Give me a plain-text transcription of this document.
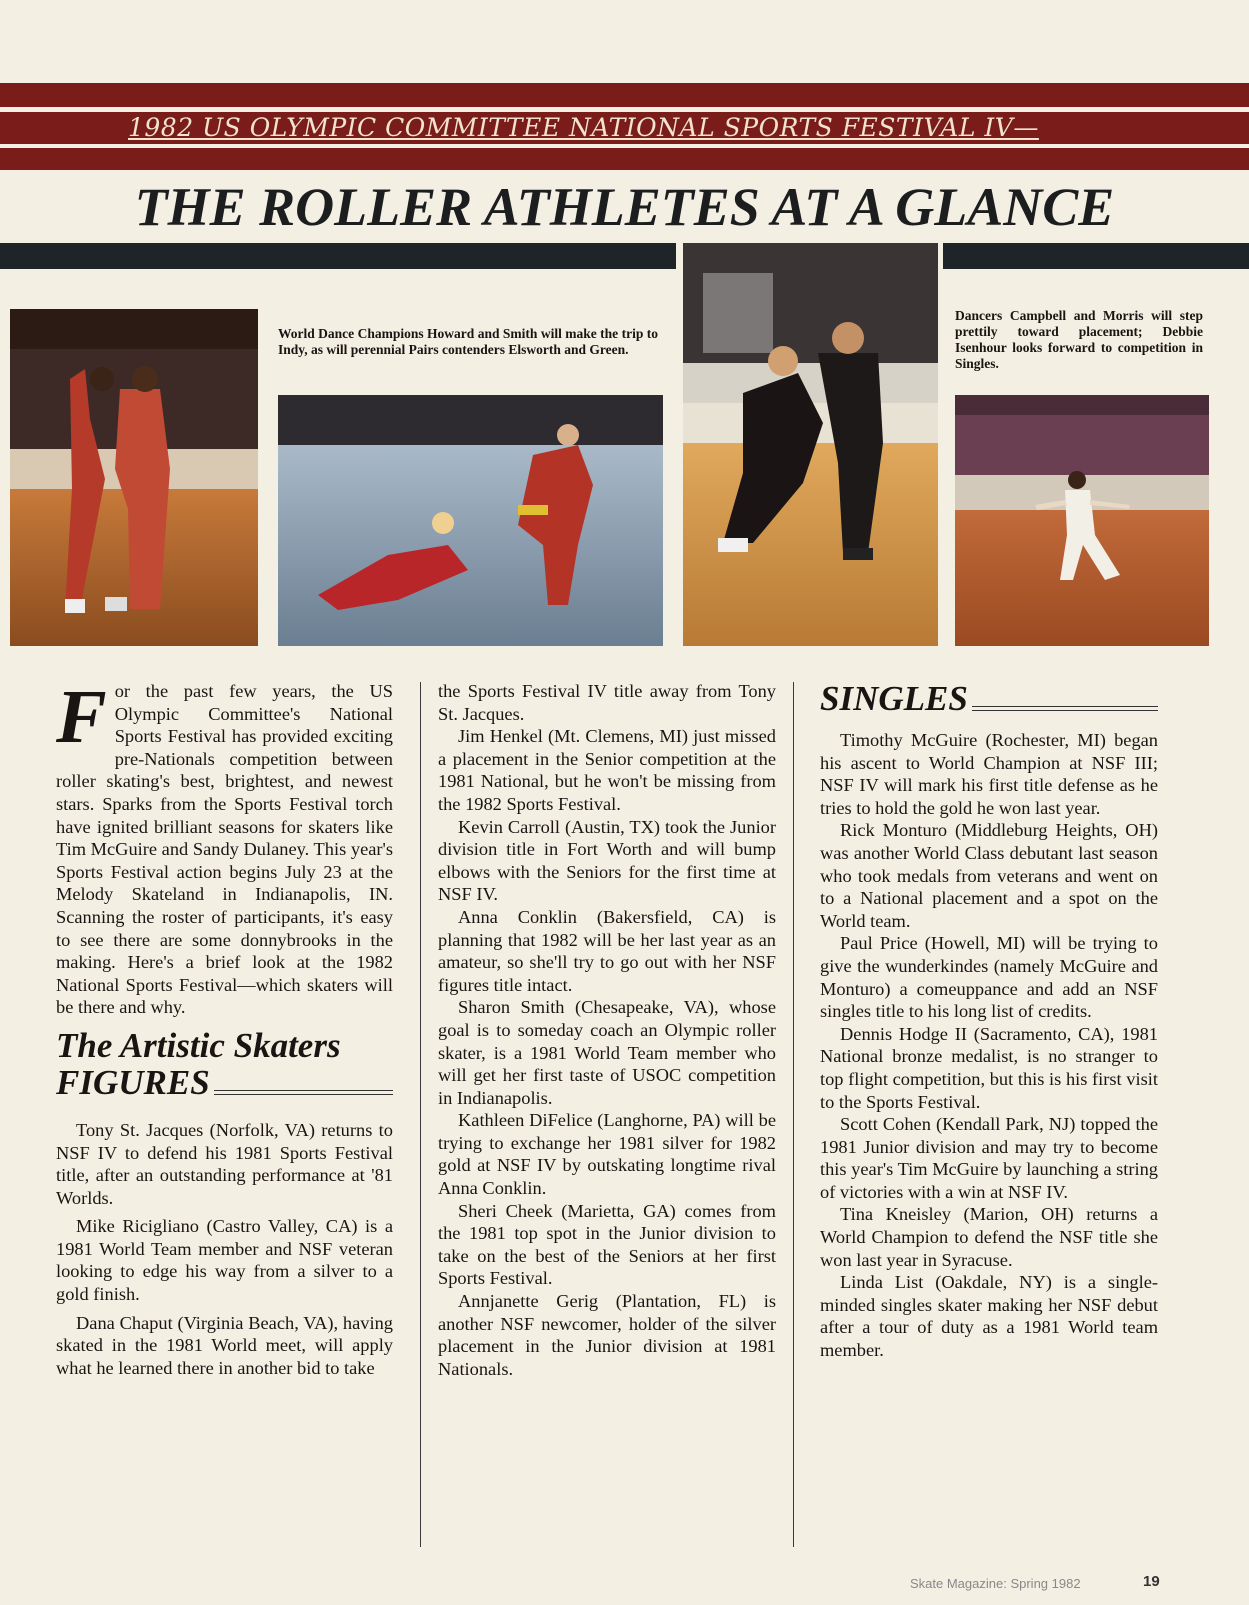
1982 US OLYMPIC COMMITTEE NATIONAL SPORTS FESTIVAL IV—
THE ROLLER ATHLETES AT A GLANCE
World Dance Champions Howard and Smith will make the trip to Indy, as will perennial Pairs contenders Elsworth and Green.
Dancers Campbell and Morris will step prettily toward placement; Debbie Isenhour looks forward to competition in Singles.

For the past few years, the US Olympic Committee's National Sports Festival has provided exciting pre-Nationals competition between roller skating's best, brightest, and newest stars. Sparks from the Sports Festival torch have ignited brilliant seasons for skaters like Tim McGuire and Sandy Dulaney. This year's Sports Festival action begins July 23 at the Melody Skateland in Indianapolis, IN. Scanning the roster of participants, it's easy to see there are some donnybrooks in the making. Here's a brief look at the 1982 National Sports Festival—which skaters will be there and why.

The Artistic Skaters
FIGURES

Tony St. Jacques (Norfolk, VA) returns to NSF IV to defend his 1981 Sports Festival title, after an outstanding performance at '81 Worlds.

Mike Ricigliano (Castro Valley, CA) is a 1981 World Team member and NSF veteran looking to edge his way from a silver to a gold finish.

Dana Chaput (Virginia Beach, VA), having skated in the 1981 World meet, will apply what he learned there in another bid to take

the Sports Festival IV title away from Tony St. Jacques.

Jim Henkel (Mt. Clemens, MI) just missed a placement in the Senior competition at the 1981 National, but he won't be missing from the 1982 Sports Festival.

Kevin Carroll (Austin, TX) took the Junior division title in Fort Worth and will bump elbows with the Seniors for the first time at NSF IV.

Anna Conklin (Bakersfield, CA) is planning that 1982 will be her last year as an amateur, so she'll try to go out with her NSF figures title intact.

Sharon Smith (Chesapeake, VA), whose goal is to someday coach an Olympic roller skater, is a 1981 World Team member who will get her first taste of USOC competition in Indianapolis.

Kathleen DiFelice (Langhorne, PA) will be trying to exchange her 1981 silver for 1982 gold at NSF IV by outskating longtime rival Anna Conklin.

Sheri Cheek (Marietta, GA) comes from the 1981 top spot in the Junior division to take on the best of the Seniors at her first Sports Festival.

Annjanette Gerig (Plantation, FL) is another NSF newcomer, holder of the silver placement in the Junior division at 1981 Nationals.

SINGLES

Timothy McGuire (Rochester, MI) began his ascent to World Champion at NSF III; NSF IV will mark his first title defense as he tries to hold the gold he won last year.

Rick Monturo (Middleburg Heights, OH) was another World Class debutant last season who took medals from veterans and went on to a National placement and a spot on the World team.

Paul Price (Howell, MI) will be trying to give the wunderkindes (namely McGuire and Monturo) a comeuppance and add an NSF singles title to his long list of credits.

Dennis Hodge II (Sacramento, CA), 1981 National bronze medalist, is no stranger to top flight competition, but this is his first visit to the Sports Festival.

Scott Cohen (Kendall Park, NJ) topped the 1981 Junior division and may try to become this year's Tim McGuire by launching a string of victories with a win at NSF IV.

Tina Kneisley (Marion, OH) returns a World Champion to defend the NSF title she won last year in Syracuse.

Linda List (Oakdale, NY) is a single-minded singles skater making her NSF debut after a tour of duty as a 1981 World team member.

Skate Magazine: Spring 1982	19
